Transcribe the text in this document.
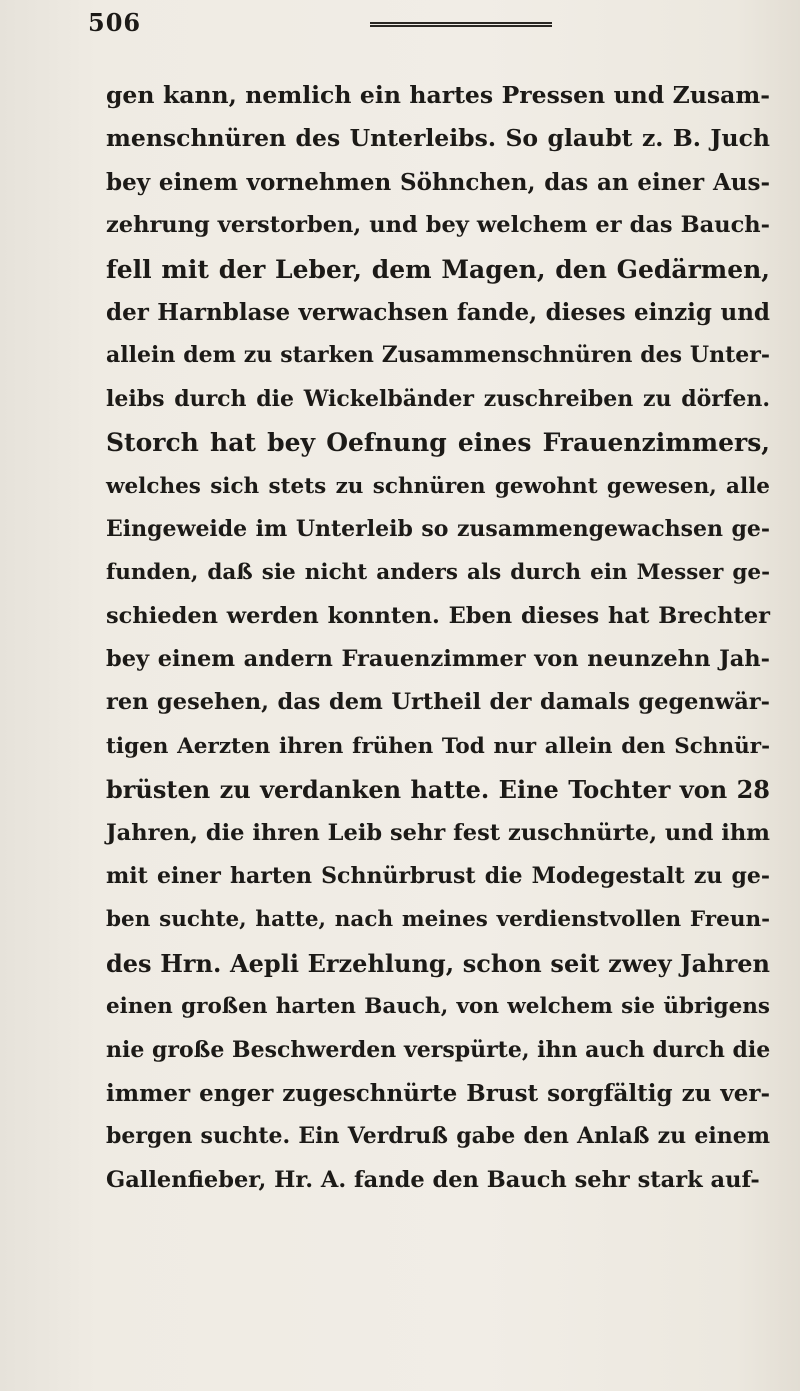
506
gen kann, nemlich ein hartes Pressen und Zusam-
menschnüren des Unterleibs. So glaubt z. B. Juch
bey einem vornehmen Söhnchen, das an einer Aus-
zehrung verstorben, und bey welchem er das Bauch-
fell mit der Leber, dem Magen, den Gedärmen,
der Harnblase verwachsen fande, dieses einzig und
allein dem zu starken Zusammenschnüren des Unter-
leibs durch die Wickelbänder zuschreiben zu dörfen.
Storch hat bey Oefnung eines Frauenzimmers,
welches sich stets zu schnüren gewohnt gewesen, alle
Eingeweide im Unterleib so zusammengewachsen ge-
funden, daß sie nicht anders als durch ein Messer ge-
schieden werden konnten. Eben dieses hat Brechter
bey einem andern Frauenzimmer von neunzehn Jah-
ren gesehen, das dem Urtheil der damals gegenwär-
tigen Aerzten ihren frühen Tod nur allein den Schnür-
brüsten zu verdanken hatte. Eine Tochter von 28
Jahren, die ihren Leib sehr fest zuschnürte, und ihm
mit einer harten Schnürbrust die Modegestalt zu ge-
ben suchte, hatte, nach meines verdienstvollen Freun-
des Hrn. Aepli Erzehlung, schon seit zwey Jahren
einen großen harten Bauch, von welchem sie übrigens
nie große Beschwerden verspürte, ihn auch durch die
immer enger zugeschnürte Brust sorgfältig zu ver-
bergen suchte. Ein Verdruß gabe den Anlaß zu einem
Gallenfieber, Hr. A. fande den Bauch sehr stark auf-
